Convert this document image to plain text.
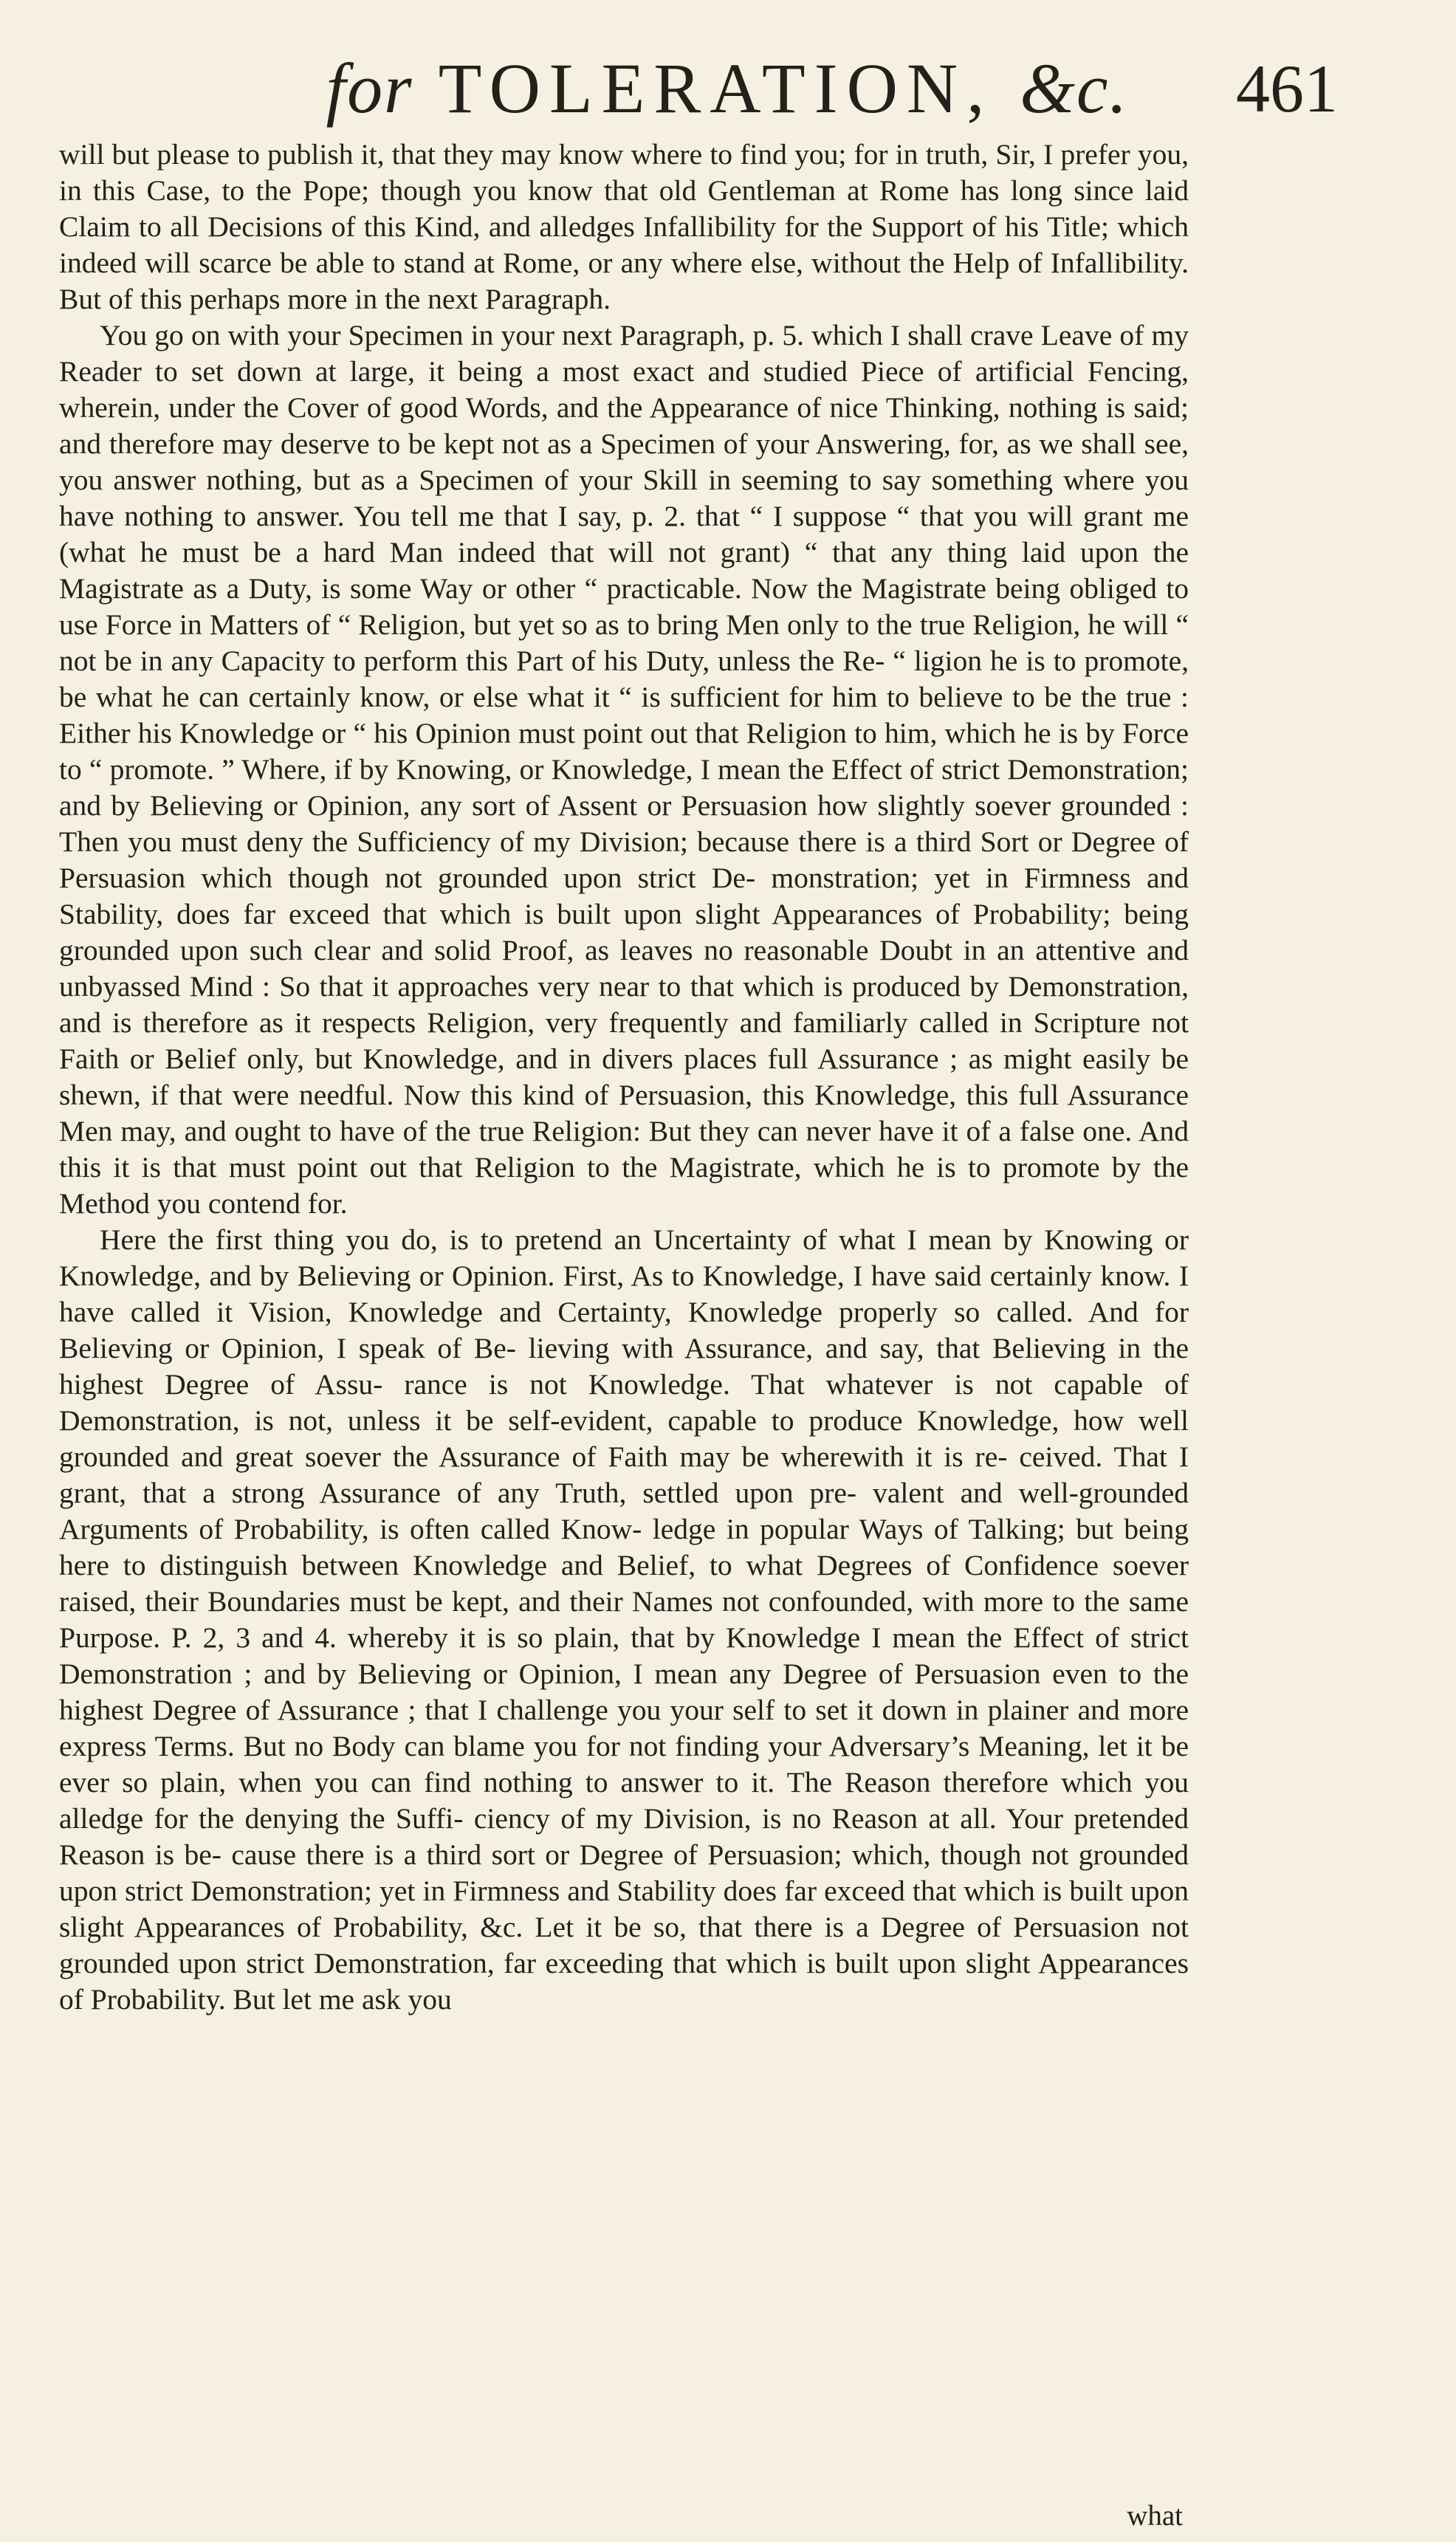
for TOLERATION, &c.	461

will but please to publish it, that they may know where to find you; for in truth, Sir, I prefer you, in this Case, to the Pope; though you know that old Gentleman at Rome has long since laid Claim to all Decisions of this Kind, and alledges Infallibility for the Support of his Title; which indeed will scarce be able to stand at Rome, or any where else, without the Help of Infallibility. But of this perhaps more in the next Paragraph.

You go on with your Specimen in your next Paragraph, p. 5. which I shall crave Leave of my Reader to set down at large, it being a most exact and studied Piece of artificial Fencing, wherein, under the Cover of good Words, and the Appearance of nice Thinking, nothing is said; and therefore may deserve to be kept not as a Specimen of your Answering, for, as we shall see, you answer nothing, but as a Specimen of your Skill in seeming to say something where you have nothing to answer. You tell me that I say, p. 2. that “ I suppose “ that you will grant me (what he must be a hard Man indeed that will not grant) “ that any thing laid upon the Magistrate as a Duty, is some Way or other “ practicable. Now the Magistrate being obliged to use Force in Matters of “ Religion, but yet so as to bring Men only to the true Religion, he will “ not be in any Capacity to perform this Part of his Duty, unless the Re- “ ligion he is to promote, be what he can certainly know, or else what it “ is sufficient for him to believe to be the true : Either his Knowledge or “ his Opinion must point out that Religion to him, which he is by Force to “ promote. ” Where, if by Knowing, or Knowledge, I mean the Effect of strict Demonstration; and by Believing or Opinion, any sort of Assent or Persuasion how slightly soever grounded : Then you must deny the Sufficiency of my Division; because there is a third Sort or Degree of Persuasion which though not grounded upon strict De- monstration; yet in Firmness and Stability, does far exceed that which is built upon slight Appearances of Probability; being grounded upon such clear and solid Proof, as leaves no reasonable Doubt in an attentive and unbyassed Mind : So that it approaches very near to that which is produced by Demonstration, and is therefore as it respects Religion, very frequently and familiarly called in Scripture not Faith or Belief only, but Knowledge, and in divers places full Assurance ; as might easily be shewn, if that were needful. Now this kind of Persuasion, this Knowledge, this full Assurance Men may, and ought to have of the true Religion: But they can never have it of a false one. And this it is that must point out that Religion to the Magistrate, which he is to promote by the Method you contend for.

Here the first thing you do, is to pretend an Uncertainty of what I mean by Knowing or Knowledge, and by Believing or Opinion. First, As to Knowledge, I have said certainly know. I have called it Vision, Knowledge and Certainty, Knowledge properly so called. And for Believing or Opinion, I speak of Be- lieving with Assurance, and say, that Believing in the highest Degree of Assu- rance is not Knowledge. That whatever is not capable of Demonstration, is not, unless it be self-evident, capable to produce Knowledge, how well grounded and great soever the Assurance of Faith may be wherewith it is re- ceived. That I grant, that a strong Assurance of any Truth, settled upon pre- valent and well-grounded Arguments of Probability, is often called Know- ledge in popular Ways of Talking; but being here to distinguish between Knowledge and Belief, to what Degrees of Confidence soever raised, their Boundaries must be kept, and their Names not confounded, with more to the same Purpose. P. 2, 3 and 4. whereby it is so plain, that by Knowledge I mean the Effect of strict Demonstration ; and by Believing or Opinion, I mean any Degree of Persuasion even to the highest Degree of Assurance ; that I challenge you your self to set it down in plainer and more express Terms. But no Body can blame you for not finding your Adversary’s Meaning, let it be ever so plain, when you can find nothing to answer to it. The Reason therefore which you alledge for the denying the Suffi- ciency of my Division, is no Reason at all. Your pretended Reason is be- cause there is a third sort or Degree of Persuasion; which, though not grounded upon strict Demonstration; yet in Firmness and Stability does far exceed that which is built upon slight Appearances of Probability, &c. Let it be so, that there is a Degree of Persuasion not grounded upon strict Demonstration, far exceeding that which is built upon slight Appearances of Probability. But let me ask you

what
